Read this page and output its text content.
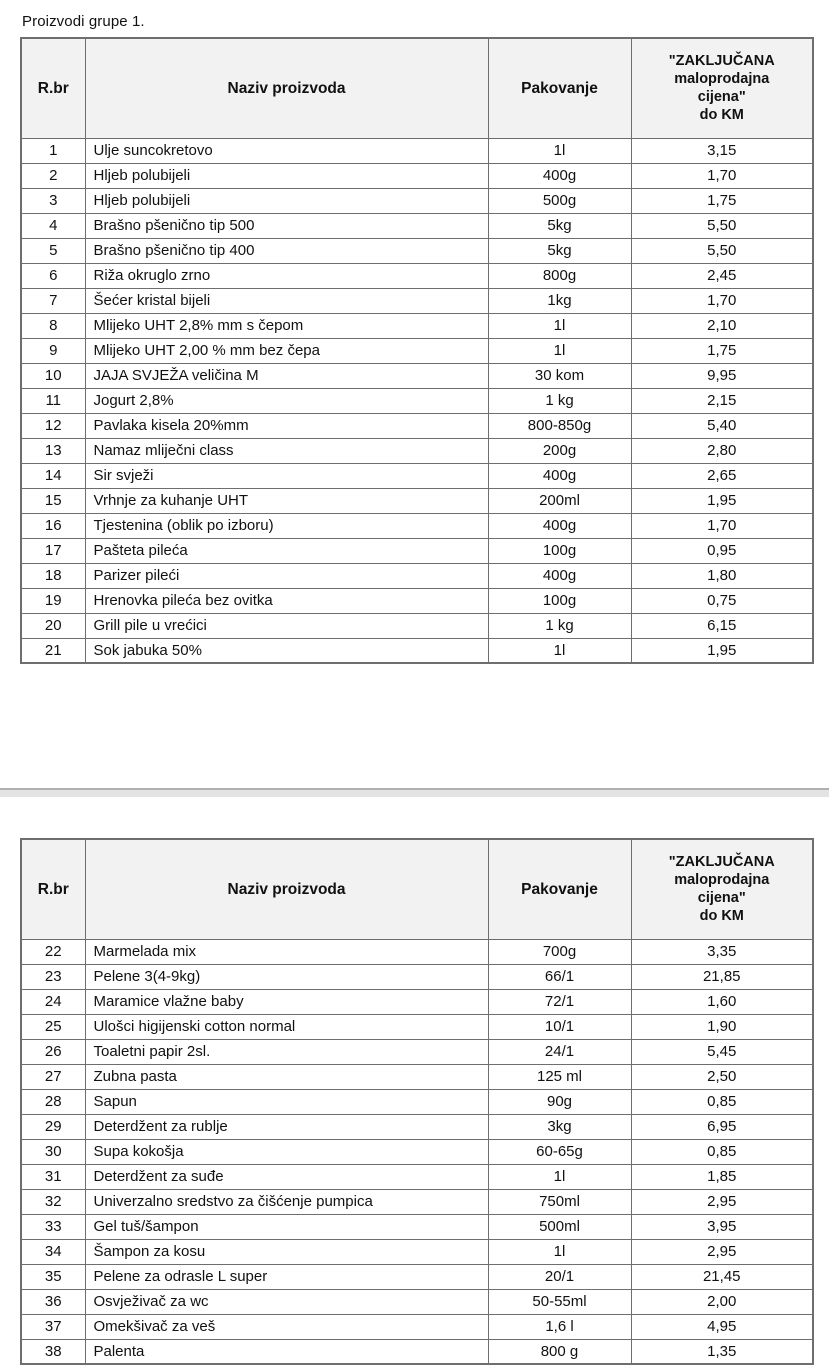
Proizvodi grupe 1.
R.br	Naziv proizvoda	Pakovanje	"ZAKLJUČANA
maloprodajna
cijena"
do KM
1	Ulje suncokretovo	1l	3,15
2	Hljeb polubijeli	400g	1,70
3	Hljeb polubijeli	500g	1,75
4	Brašno pšenično tip 500	5kg	5,50
5	Brašno pšenično tip 400	5kg	5,50
6	Riža okruglo zrno	800g	2,45
7	Šećer kristal bijeli	1kg	1,70
8	Mlijeko UHT 2,8% mm s čepom	1l	2,10
9	Mlijeko UHT 2,00 % mm bez čepa	1l	1,75
10	JAJA SVJEŽA veličina M	30 kom	9,95
11	Jogurt 2,8%	1 kg	2,15
12	Pavlaka kisela 20%mm	800-850g	5,40
13	Namaz mliječni class	200g	2,80
14	Sir svježi	400g	2,65
15	Vrhnje za kuhanje UHT	200ml	1,95
16	Tjestenina (oblik po izboru)	400g	1,70
17	Pašteta pileća	100g	0,95
18	Parizer pileći	400g	1,80
19	Hrenovka pileća bez ovitka	100g	0,75
20	Grill pile u vrećici	1 kg	6,15
21	Sok jabuka 50%	1l	1,95
R.br	Naziv proizvoda	Pakovanje	"ZAKLJUČANA
maloprodajna
cijena"
do KM
22	Marmelada mix	700g	3,35
23	Pelene 3(4-9kg)	66/1	21,85
24	Maramice vlažne baby	72/1	1,60
25	Ulošci higijenski cotton normal	10/1	1,90
26	Toaletni papir 2sl.	24/1	5,45
27	Zubna pasta	125 ml	2,50
28	Sapun	90g	0,85
29	Deterdžent za rublje	3kg	6,95
30	Supa kokošja	60-65g	0,85
31	Deterdžent za suđe	1l	1,85
32	Univerzalno sredstvo za čišćenje pumpica	750ml	2,95
33	Gel tuš/šampon	500ml	3,95
34	Šampon za kosu	1l	2,95
35	Pelene za odrasle L super	20/1	21,45
36	Osvježivač za wc	50-55ml	2,00
37	Omekšivač za veš	1,6 l	4,95
38	Palenta	800 g	1,35
